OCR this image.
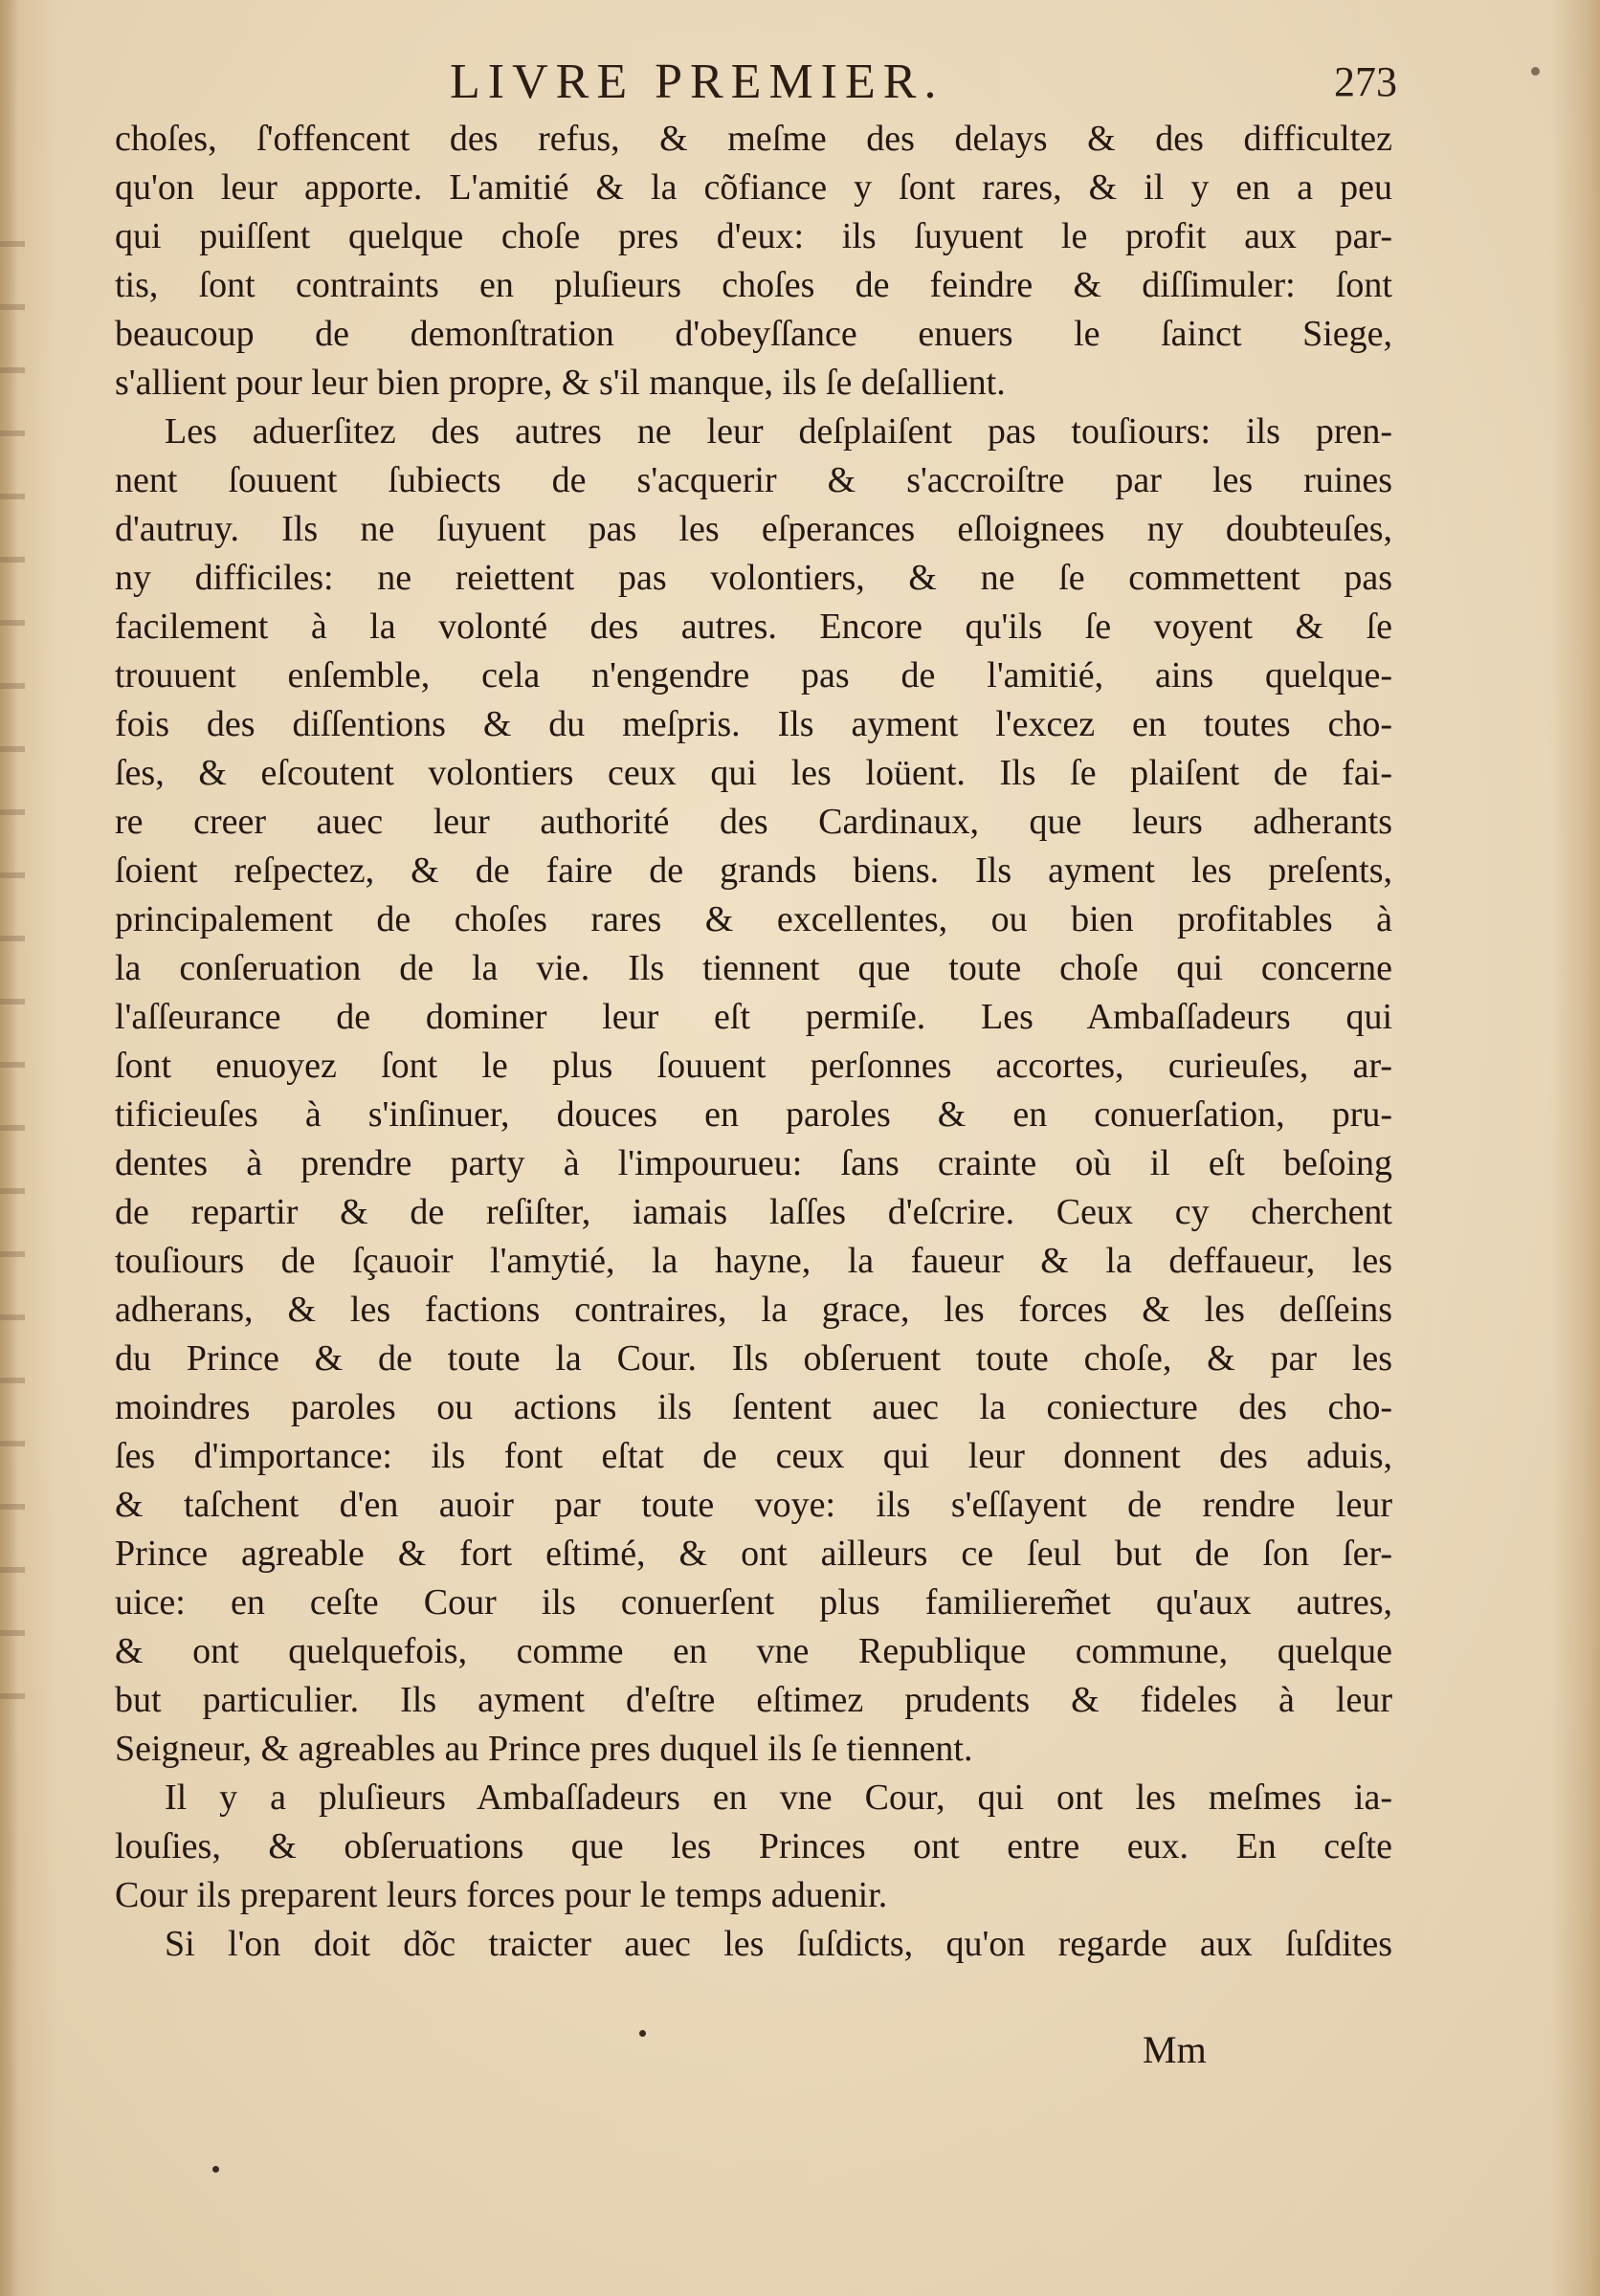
LIVRE PREMIER.	273
choſes, ſ'offencent des refus, & meſme des delays & des difficultez
qu'on leur apporte. L'amitié & la cõfiance y ſont rares, & il y en a peu
qui puiſſent quelque choſe pres d'eux: ils ſuyuent le profit aux par-
tis, ſont contraints en pluſieurs choſes de feindre & diſſimuler: ſont
beaucoup de demonſtration d'obeyſſance enuers le ſainct Siege,
s'allient pour leur bien propre, & s'il manque, ils ſe deſallient.
Les aduerſitez des autres ne leur deſplaiſent pas touſiours: ils pren-
nent ſouuent ſubiects de s'acquerir & s'accroiſtre par les ruines
d'autruy. Ils ne ſuyuent pas les eſperances eſloignees ny doubteuſes,
ny difficiles: ne reiettent pas volontiers, & ne ſe commettent pas
facilement à la volonté des autres. Encore qu'ils ſe voyent & ſe
trouuent enſemble, cela n'engendre pas de l'amitié, ains quelque-
fois des diſſentions & du meſpris. Ils ayment l'excez en toutes cho-
ſes, & eſcoutent volontiers ceux qui les loüent. Ils ſe plaiſent de fai-
re creer auec leur authorité des Cardinaux, que leurs adherants
ſoient reſpectez, & de faire de grands biens. Ils ayment les preſents,
principalement de choſes rares & excellentes, ou bien profitables à
la conſeruation de la vie. Ils tiennent que toute choſe qui concerne
l'aſſeurance de dominer leur eſt permiſe. Les Ambaſſadeurs qui
ſont enuoyez ſont le plus ſouuent perſonnes accortes, curieuſes, ar-
tificieuſes à s'inſinuer, douces en paroles & en conuerſation, pru-
dentes à prendre party à l'impourueu: ſans crainte où il eſt beſoing
de repartir & de reſiſter, iamais laſſes d'eſcrire. Ceux cy cherchent
touſiours de ſçauoir l'amytié, la hayne, la faueur & la deffaueur, les
adherans, & les factions contraires, la grace, les forces & les deſſeins
du Prince & de toute la Cour. Ils obſeruent toute choſe, & par les
moindres paroles ou actions ils ſentent auec la coniecture des cho-
ſes d'importance: ils font eſtat de ceux qui leur donnent des aduis,
& taſchent d'en auoir par toute voye: ils s'eſſayent de rendre leur
Prince agreable & fort eſtimé, & ont ailleurs ce ſeul but de ſon ſer-
uice: en ceſte Cour ils conuerſent plus familierem͏̃et qu'aux autres,
& ont quelquefois, comme en vne Republique commune, quelque
but particulier. Ils ayment d'eſtre eſtimez prudents & fideles à leur
Seigneur, & agreables au Prince pres duquel ils ſe tiennent.
Il y a pluſieurs Ambaſſadeurs en vne Cour, qui ont les meſmes ia-
louſies, & obſeruations que les Princes ont entre eux. En ceſte
Cour ils preparent leurs forces pour le temps aduenir.
Si l'on doit dõc traicter auec les ſuſdicts, qu'on regarde aux ſuſdites
Mm
